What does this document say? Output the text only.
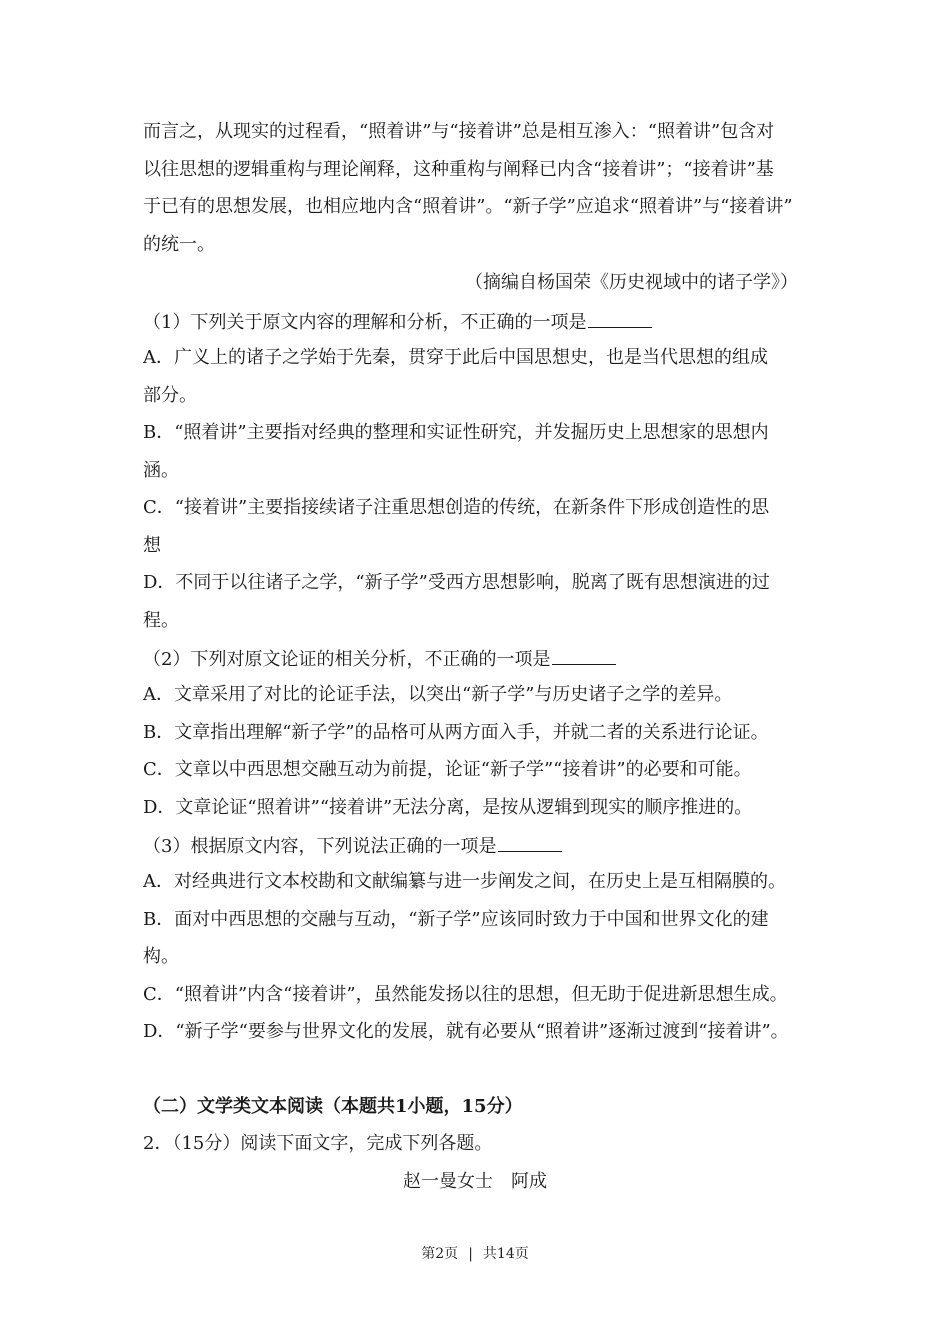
而言之，从现实的过程看，“照着讲”与“接着讲”总是相互渗入：“照着讲”包含对
以往思想的逻辑重构与理论阐释，这种重构与阐释已内含“接着讲”；“接着讲”基
于已有的思想发展，也相应地内含“照着讲”。“新子学”应追求“照着讲”与“接着讲”
的统一。
（摘编自杨国荣《历史视域中的诸子学》）
（1）下列关于原文内容的理解和分析，不正确的一项是
A．广义上的诸子之学始于先秦，贯穿于此后中国思想史，也是当代思想的组成
部分。
B．“照着讲”主要指对经典的整理和实证性研究，并发掘历史上思想家的思想内
涵。
C．“接着讲”主要指接续诸子注重思想创造的传统，在新条件下形成创造性的思
想
D．不同于以往诸子之学，“新子学”受西方思想影响，脱离了既有思想演进的过
程。
（2）下列对原文论证的相关分析，不正确的一项是
A．文章采用了对比的论证手法，以突出“新子学”与历史诸子之学的差异。
B．文章指出理解“新子学”的品格可从两方面入手，并就二者的关系进行论证。
C．文章以中西思想交融互动为前提，论证“新子学”“接着讲”的必要和可能。
D．文章论证“照着讲”“接着讲”无法分离，是按从逻辑到现实的顺序推进的。
（3）根据原文内容，下列说法正确的一项是
A．对经典进行文本校勘和文献编纂与进一步阐发之间，在历史上是互相隔膜的。
B．面对中西思想的交融与互动，“新子学”应该同时致力于中国和世界文化的建
构。
C．“照着讲”内含“接着讲”，虽然能发扬以往的思想，但无助于促进新思想生成。
D．“新子学“要参与世界文化的发展，就有必要从“照着讲”逐渐过渡到“接着讲”。
（二）文学类文本阅读（本题共1小题，15分）
2．（15分）阅读下面文字，完成下列各题。
赵一曼女士　阿成
第2页 | 共14页
